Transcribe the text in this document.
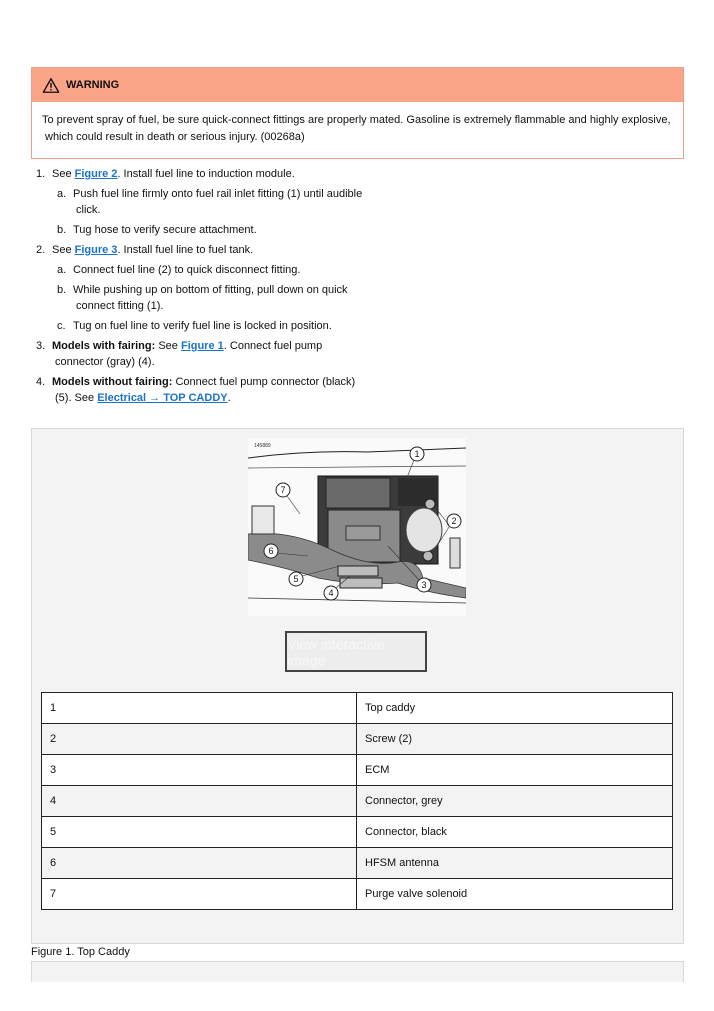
WARNING
To prevent spray of fuel, be sure quick-connect fittings are properly mated. Gasoline is extremely flammable and highly explosive,
which could result in death or serious injury. (00268a)
1. See Figure 2. Install fuel line to induction module.
a. Push fuel line firmly onto fuel rail inlet fitting (1) until audible
click.
b. Tug hose to verify secure attachment.
2. See Figure 3. Install fuel line to fuel tank.
a. Connect fuel line (2) to quick disconnect fitting.
b. While pushing up on bottom of fitting, pull down on quick
connect fitting (1).
c. Tug on fuel line to verify fuel line is locked in position.
3. Models with fairing: See Figure 1. Connect fuel pump
connector (gray) (4).
4. Models without fairing: Connect fuel pump connector (black)
(5). See Electrical → TOP CADDY.
145889
1
2
3
4
5
6
7
View interactive image
1	Top caddy
2	Screw (2)
3	ECM
4	Connector, grey
5	Connector, black
6	HFSM antenna
7	Purge valve solenoid
Figure 1. Top Caddy
